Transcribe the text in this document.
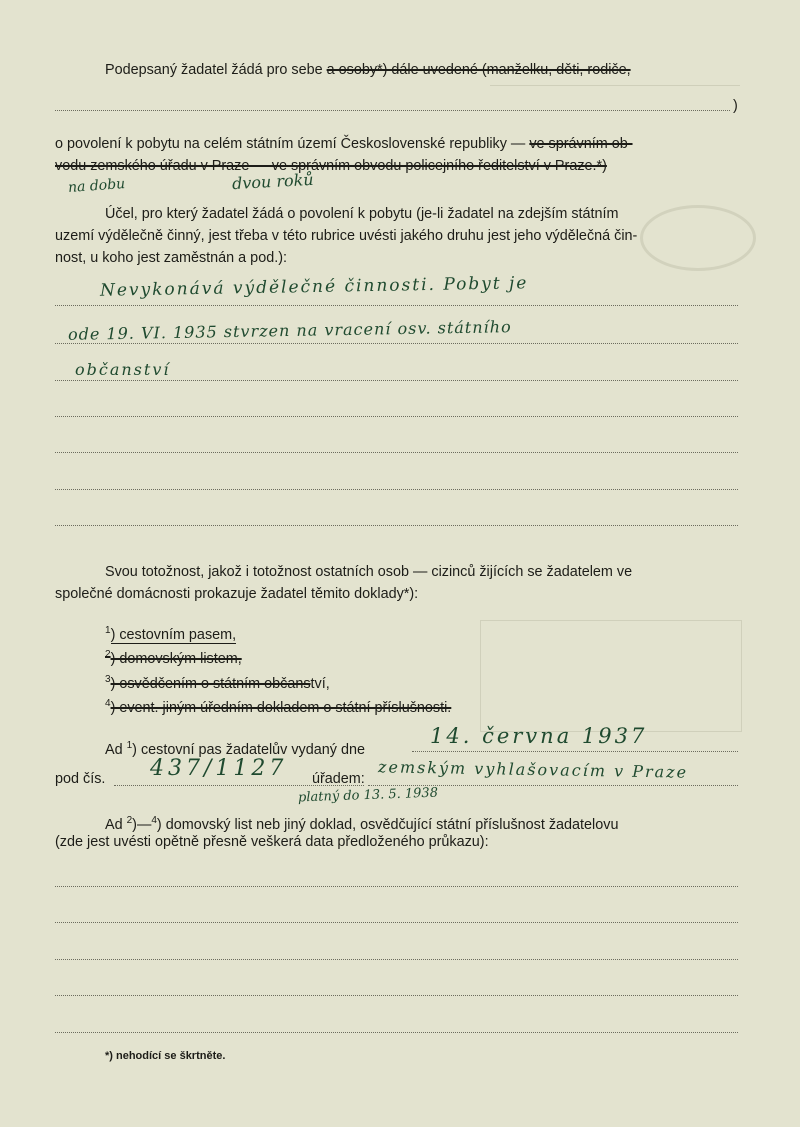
Podepsaný žadatel žádá pro sebe a osoby*) dále uvedené (manželku, děti, rodiče,
)
o povolení k pobytu na celém státním území Československé republiky — ve správním ob-
vodu zemského úřadu v Praze — ve správním obvodu policejního ředitelství v Praze.*)
na dobu	dvou roků
Účel, pro který žadatel žádá o povolení k pobytu (je-li žadatel na zdejším státním
uzemí výdělečně činný, jest třeba v této rubrice uvésti jakého druhu jest jeho výdělečná čin-
nost, u koho jest zaměstnán a pod.):
Nevykonává výdělečné činnosti. Pobyt je
ode 19. VI. 1935 stvrzen na vracení osv. státního
občanství
Svou totožnost, jakož i totožnost ostatních osob — cizinců žijících se žadatelem ve
společné domácnosti prokazuje žadatel těmito doklady*):
$^1$) cestovním pasem,
$^2$) domovským listem,
$^3$) osvědčením o státním občanství,
$^4$) event. jiným úředním dokladem o státní příslušnosti.
Ad $^1$) cestovní pas žadatelův vydaný dne
14. června 1937
pod čís. 437/1127 úřadem: zemským vyhlašovacím v Praze
platný do 13. 5. 1938
Ad $^2$)—$^4$) domovský list neb jiný doklad, osvědčující státní příslušnost žadatelovu
(zde jest uvésti opětně přesně veškerá data předloženého průkazu):
*) nehodící se škrtněte.
